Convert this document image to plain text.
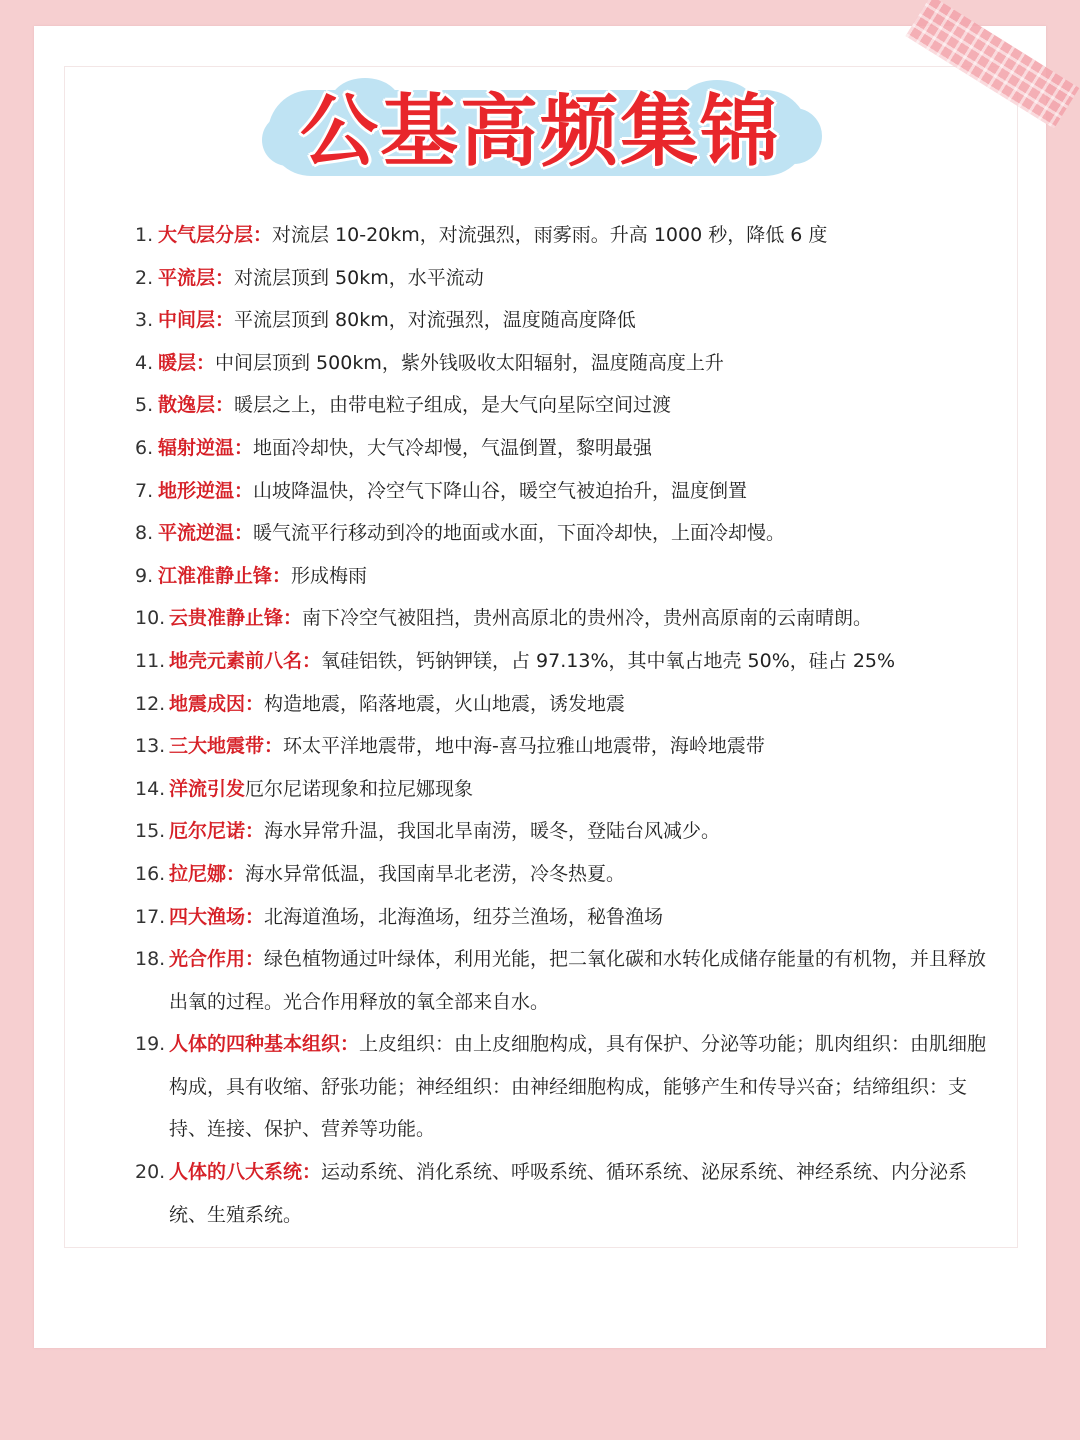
公基高频集锦
1. 大气层分层：对流层 10-20km，对流强烈，雨雾雨。升高 1000 秒，降低 6 度
2. 平流层：对流层顶到 50km，水平流动
3. 中间层：平流层顶到 80km，对流强烈，温度随高度降低
4. 暖层：中间层顶到 500km，紫外钱吸收太阳辐射，温度随高度上升
5. 散逸层：暖层之上，由带电粒子组成，是大气向星际空间过渡
6. 辐射逆温：地面冷却快，大气冷却慢，气温倒置，黎明最强
7. 地形逆温：山坡降温快，冷空气下降山谷，暖空气被迫抬升，温度倒置
8. 平流逆温：暖气流平行移动到冷的地面或水面，下面冷却快，上面冷却慢。
9. 江淮准静止锋：形成梅雨
10. 云贵准静止锋：南下冷空气被阻挡，贵州高原北的贵州冷，贵州高原南的云南晴朗。
11. 地壳元素前八名：氧硅铝铁，钙钠钾镁，占 97.13%，其中氧占地壳 50%，硅占 25%
12. 地震成因：构造地震，陷落地震，火山地震，诱发地震
13. 三大地震带：环太平洋地震带，地中海-喜马拉雅山地震带，海岭地震带
14. 洋流引发厄尔尼诺现象和拉尼娜现象
15. 厄尔尼诺：海水异常升温，我国北旱南涝，暖冬，登陆台风减少。
16. 拉尼娜：海水异常低温，我国南旱北老涝，冷冬热夏。
17. 四大渔场：北海道渔场，北海渔场，纽芬兰渔场，秘鲁渔场
18. 光合作用：绿色植物通过叶绿体，利用光能，把二氧化碳和水转化成储存能量的有机物，并且释放出氧的过程。光合作用释放的氧全部来自水。
19. 人体的四种基本组织：上皮组织：由上皮细胞构成，具有保护、分泌等功能；肌肉组织：由肌细胞构成，具有收缩、舒张功能；神经组织：由神经细胞构成，能够产生和传导兴奋；结缔组织：支持、连接、保护、营养等功能。
20. 人体的八大系统：运动系统、消化系统、呼吸系统、循环系统、泌尿系统、神经系统、内分泌系统、生殖系统。
